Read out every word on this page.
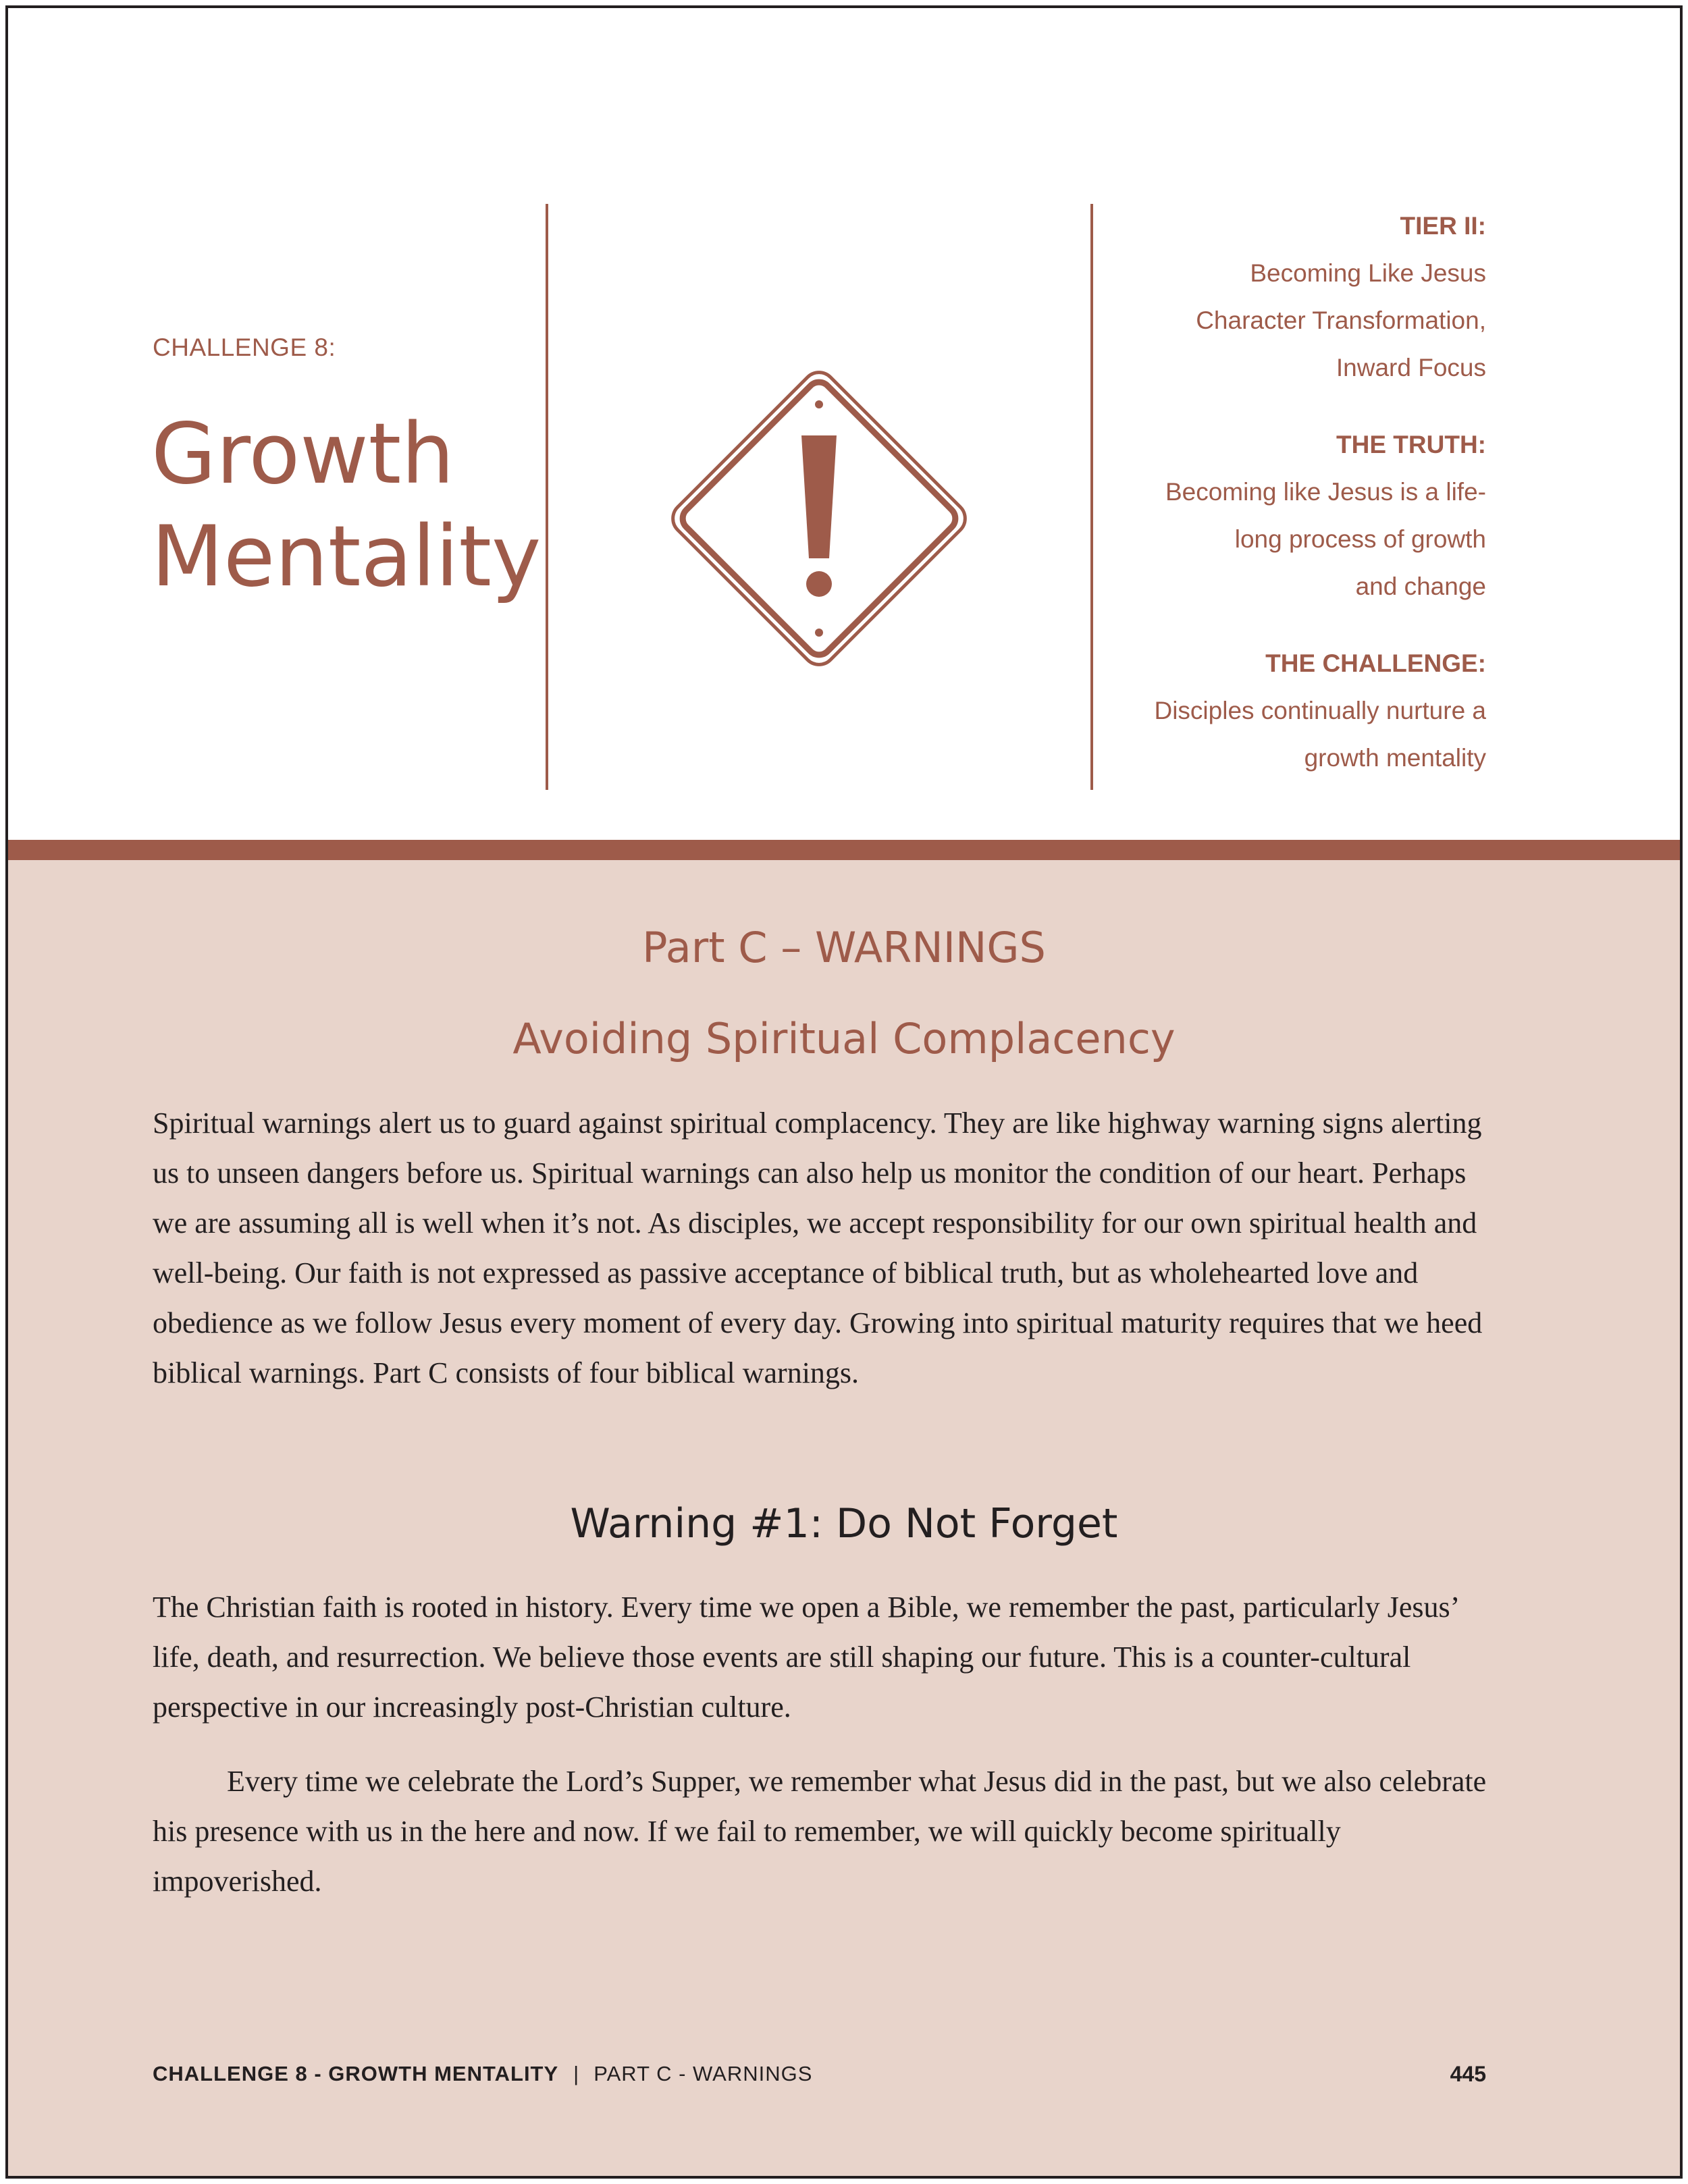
CHALLENGE 8:
Growth
Mentality
TIER II:
Becoming Like Jesus
Character Transformation,
Inward Focus
THE TRUTH:
Becoming like Jesus is a life-
long process of growth
and change
THE CHALLENGE:
Disciples continually nurture a
growth mentality
Part C – WARNINGS
Avoiding Spiritual Complacency

Spiritual warnings alert us to guard against spiritual complacency. They are like highway warning signs alerting us to unseen dangers before us. Spiritual warnings can also help us monitor the condition of our heart. Perhaps we are assuming all is well when it’s not. As disciples, we accept responsibility for our own spiritual health and well-being. Our faith is not expressed as passive acceptance of biblical truth, but as wholehearted love and obedience as we follow Jesus every moment of every day. Growing into spiritual maturity requires that we heed biblical warnings. Part C consists of four biblical warnings.

Warning #1: Do Not Forget

The Christian faith is rooted in history. Every time we open a Bible, we remember the past, particularly Jesus’ life, death, and resurrection. We believe those events are still shaping our future. This is a counter-cultural perspective in our increasingly post-Christian culture.

Every time we celebrate the Lord’s Supper, we remember what Jesus did in the past, but we also celebrate his presence with us in the here and now. If we fail to remember, we will quickly become spiritually impoverished.

CHALLENGE 8 - GROWTH MENTALITY | PART C - WARNINGS	445
